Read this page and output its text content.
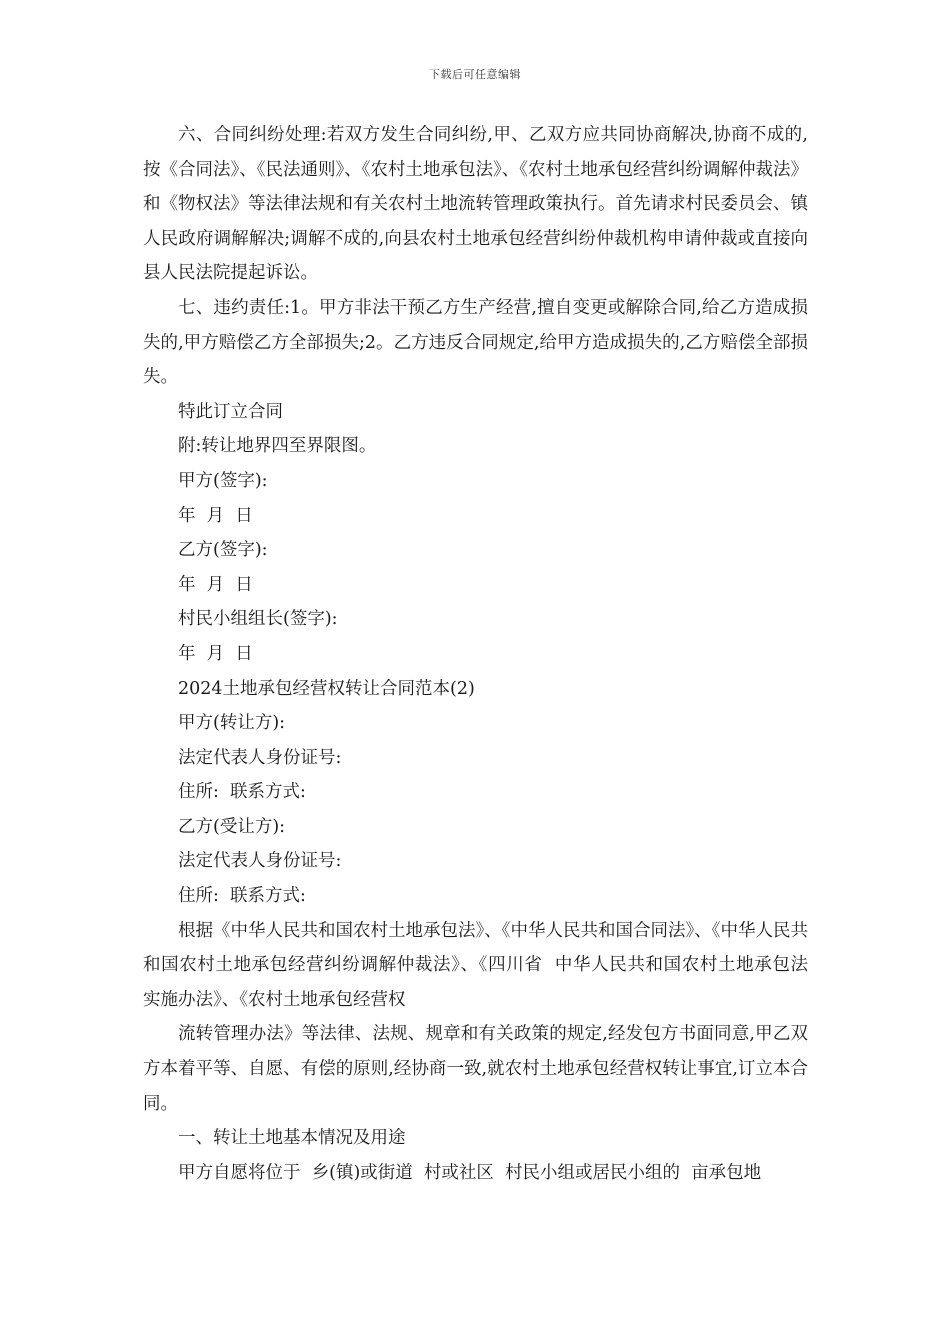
下载后可任意编辑

六、合同纠纷处理:若双方发生合同纠纷,甲、乙双方应共同协商解决,协商不成的,按《合同法》、《民法通则》、《农村土地承包法》、《农村土地承包经营纠纷调解仲裁法》和《物权法》等法律法规和有关农村土地流转管理政策执行。首先请求村民委员会、镇人民政府调解解决;调解不成的,向县农村土地承包经营纠纷仲裁机构申请仲裁或直接向县人民法院提起诉讼。

七、违约责任:1。甲方非法干预乙方生产经营,擅自变更或解除合同,给乙方造成损失的,甲方赔偿乙方全部损失;2。乙方违反合同规定,给甲方造成损失的,乙方赔偿全部损失。

特此订立合同

附:转让地界四至界限图。

甲方(签字):

年  月  日

乙方(签字):

年  月  日

村民小组组长(签字):

年  月  日

2024土地承包经营权转让合同范本(2)

甲方(转让方):

法定代表人身份证号:

住所:  联系方式:

乙方(受让方):

法定代表人身份证号:

住所:  联系方式:

根据《中华人民共和国农村土地承包法》、《中华人民共和国合同法》、《中华人民共和国农村土地承包经营纠纷调解仲裁法》、《四川省  中华人民共和国农村土地承包法  实施办法》、《农村土地承包经营权

流转管理办法》等法律、法规、规章和有关政策的规定,经发包方书面同意,甲乙双方本着平等、自愿、有偿的原则,经协商一致,就农村土地承包经营权转让事宜,订立本合同。

一、转让土地基本情况及用途

甲方自愿将位于  乡(镇)或街道  村或社区  村民小组或居民小组的  亩承包地
